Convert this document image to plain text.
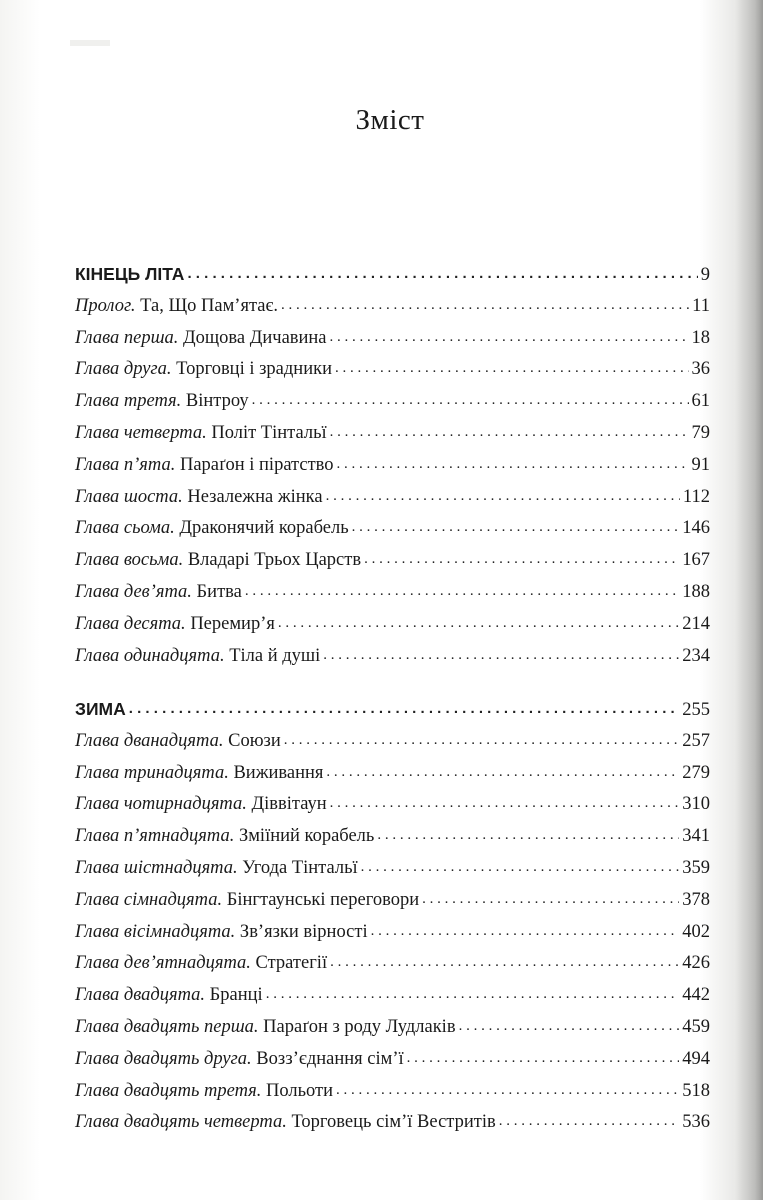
Зміст
КІНЕЦЬ ЛІТА . . .	9
Пролог. Та, Що Пам’ятає. . . .	11
Глава перша. Дощова Дичавина . . .	18
Глава друга. Торговці і зрадники . . .	36
Глава третя. Вінтроу . . .	61
Глава четверта. Політ Тінтальї . . .	79
Глава п’ята. Параґон і піратство . . .	91
Глава шоста. Незалежна жінка . . .	112
Глава сьома. Драконячий корабель . . .	146
Глава восьма. Владарі Трьох Царств . . .	167
Глава дев’ята. Битва . . .	188
Глава десята. Перемир’я . . .	214
Глава одинадцята. Тіла й душі . . .	234
ЗИМА . . .	255
Глава дванадцята. Союзи . . .	257
Глава тринадцята. Виживання . . .	279
Глава чотирнадцята. Діввітаун . . .	310
Глава п’ятнадцята. Зміїний корабель . . .	341
Глава шістнадцята. Угода Тінтальї . . .	359
Глава сімнадцята. Бінгтаунські переговори . . .	378
Глава вісімнадцята. Зв’язки вірності . . .	402
Глава дев’ятнадцята. Стратегії . . .	426
Глава двадцята. Бранці . . .	442
Глава двадцять перша. Параґон з роду Лудлаків . . .	459
Глава двадцять друга. Возз’єднання сім’ї . . .	494
Глава двадцять третя. Польоти . . .	518
Глава двадцять четверта. Торговець сім’ї Вестритів . . .	536
